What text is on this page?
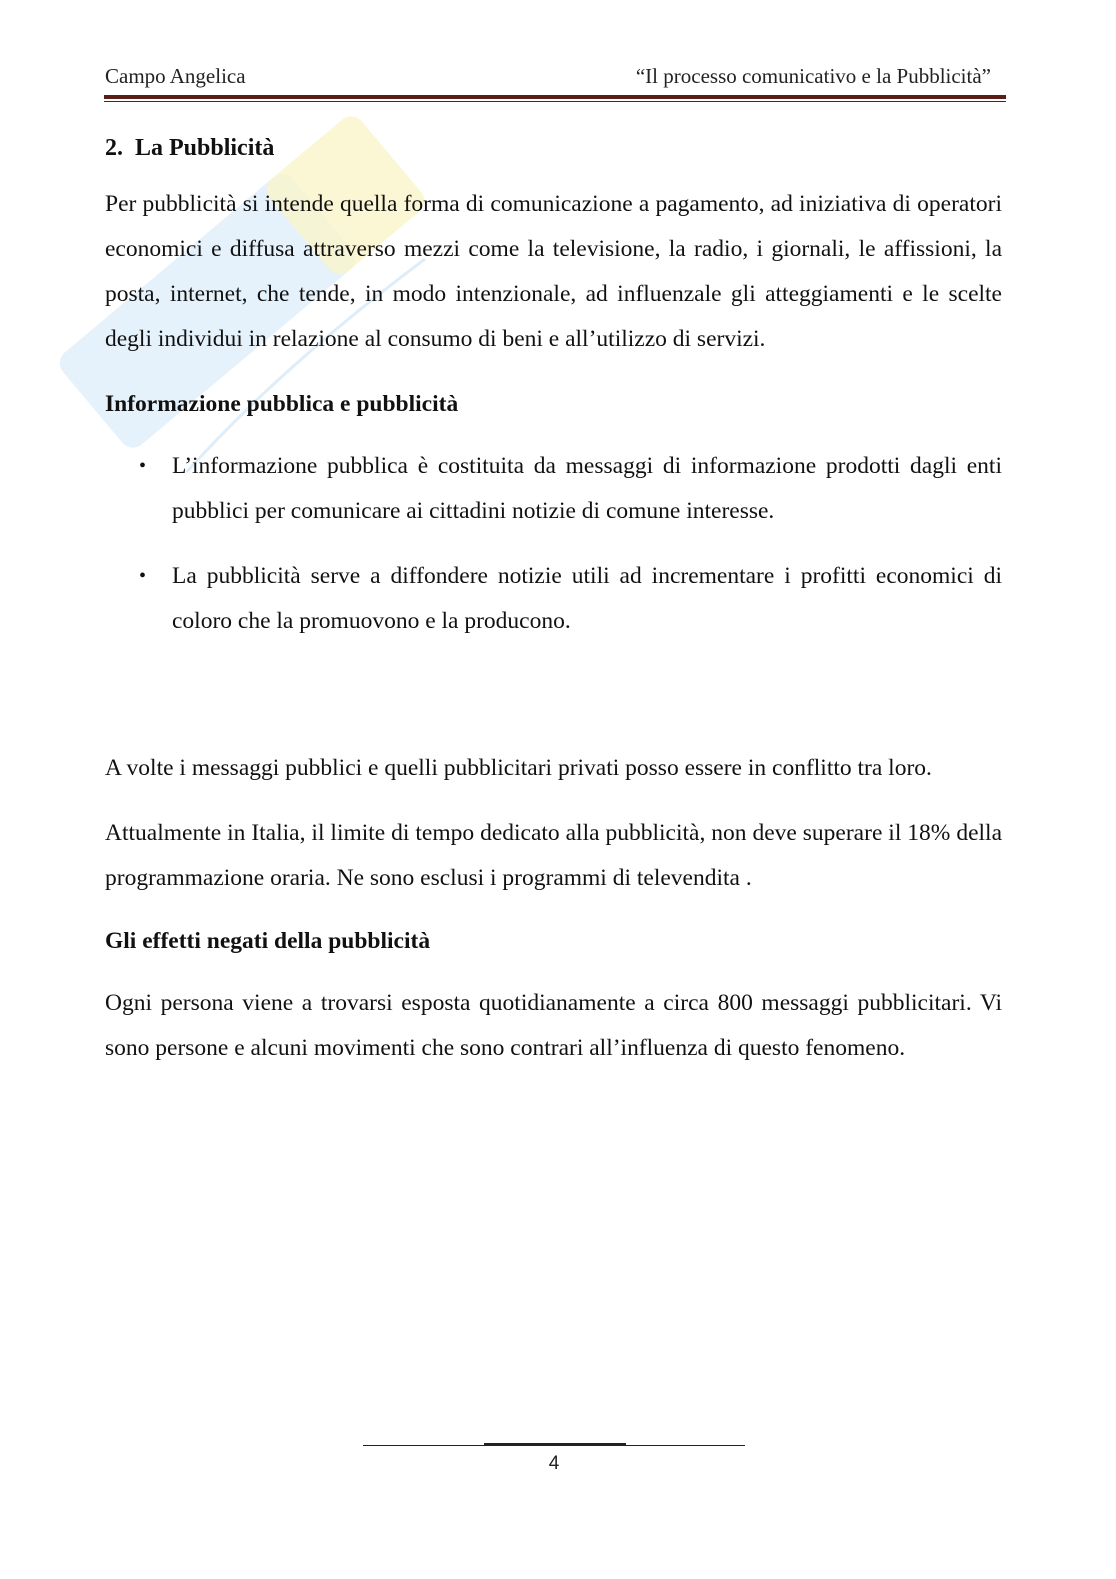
Campo Angelica	“Il processo comunicativo e la Pubblicità”
2. La Pubblicità

Per pubblicità si intende quella forma di comunicazione a pagamento, ad iniziativa di operatori economici e diffusa attraverso mezzi come la televisione, la radio, i giornali, le affissioni, la posta, internet, che tende, in modo intenzionale, ad influenzale gli atteggiamenti e le scelte degli individui in relazione al consumo di beni e all’utilizzo di servizi.

Informazione pubblica e pubblicità
• L’informazione pubblica è costituita da messaggi di informazione prodotti dagli enti pubblici per comunicare ai cittadini notizie di comune interesse.
• La pubblicità serve a diffondere notizie utili ad incrementare i profitti economici di coloro che la promuovono e la producono.

A volte i messaggi pubblici e quelli pubblicitari privati posso essere in conflitto tra loro.

Attualmente in Italia, il limite di tempo dedicato alla pubblicità, non deve superare il 18% della programmazione oraria. Ne sono esclusi i programmi di televendita .

Gli effetti negati della pubblicità

Ogni persona viene a trovarsi esposta quotidianamente a circa 800 messaggi pubblicitari. Vi sono persone e alcuni movimenti che sono contrari all’influenza di questo fenomeno.

4
